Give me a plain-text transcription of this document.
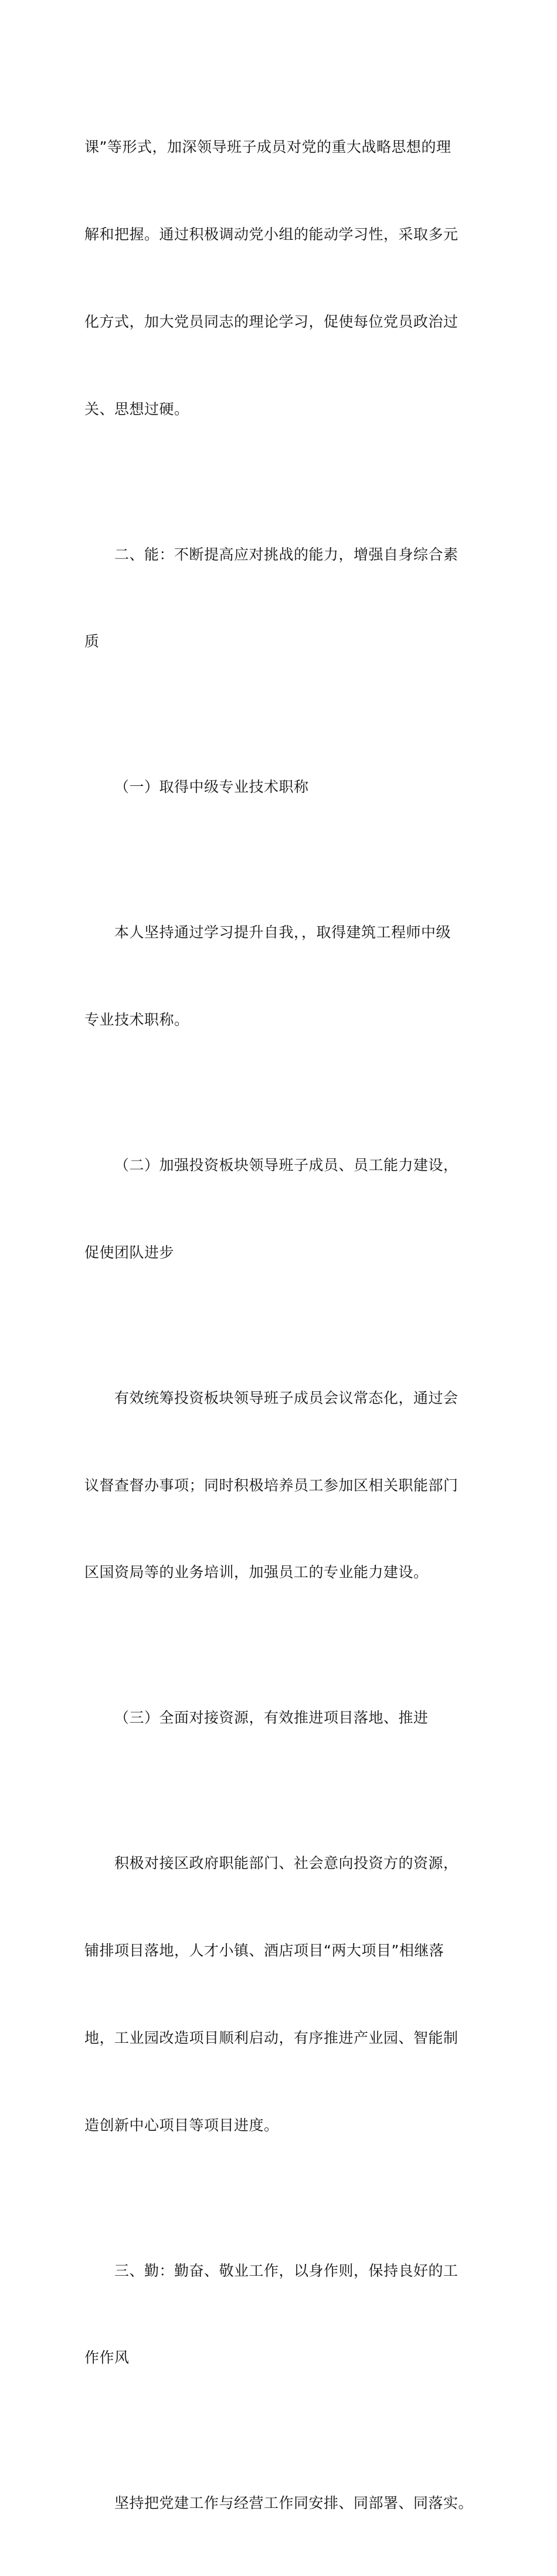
课”等形式，加深领导班子成员对党的重大战略思想的理

解和把握。通过积极调动党小组的能动学习性，采取多元

化方式，加大党员同志的理论学习，促使每位党员政治过

关、思想过硬。

二、能：不断提高应对挑战的能力，增强自身综合素

质

（一）取得中级专业技术职称

本人坚持通过学习提升自我，，取得建筑工程师中级

专业技术职称。

（二）加强投资板块领导班子成员、员工能力建设，

促使团队进步

有效统筹投资板块领导班子成员会议常态化，通过会

议督查督办事项；同时积极培养员工参加区相关职能部门

区国资局等的业务培训，加强员工的专业能力建设。

（三）全面对接资源，有效推进项目落地、推进

积极对接区政府职能部门、社会意向投资方的资源，

铺排项目落地，人才小镇、酒店项目“两大项目”相继落

地，工业园改造项目顺利启动，有序推进产业园、智能制

造创新中心项目等项目进度。

三、勤：勤奋、敬业工作，以身作则，保持良好的工

作作风

坚持把党建工作与经营工作同安排、同部署、同落实。
